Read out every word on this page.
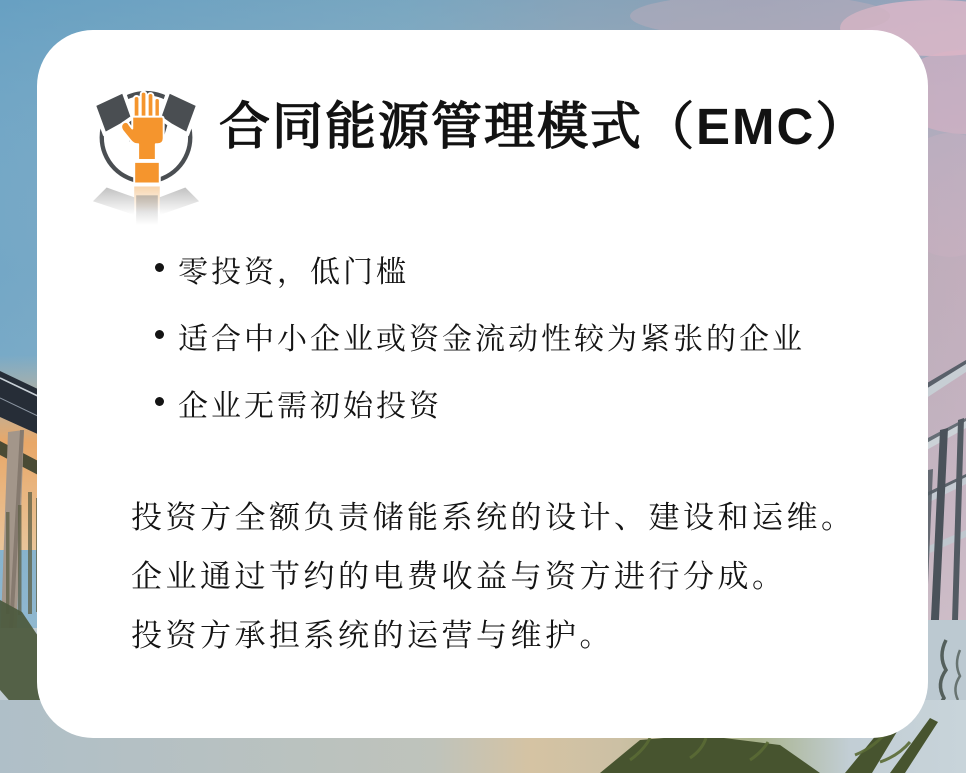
合同能源管理模式（EMC）
零投资，低门槛
适合中小企业或资金流动性较为紧张的企业
企业无需初始投资

投资方全额负责储能系统的设计、建设和运维。

企业通过节约的电费收益与资方进行分成。

投资方承担系统的运营与维护。
